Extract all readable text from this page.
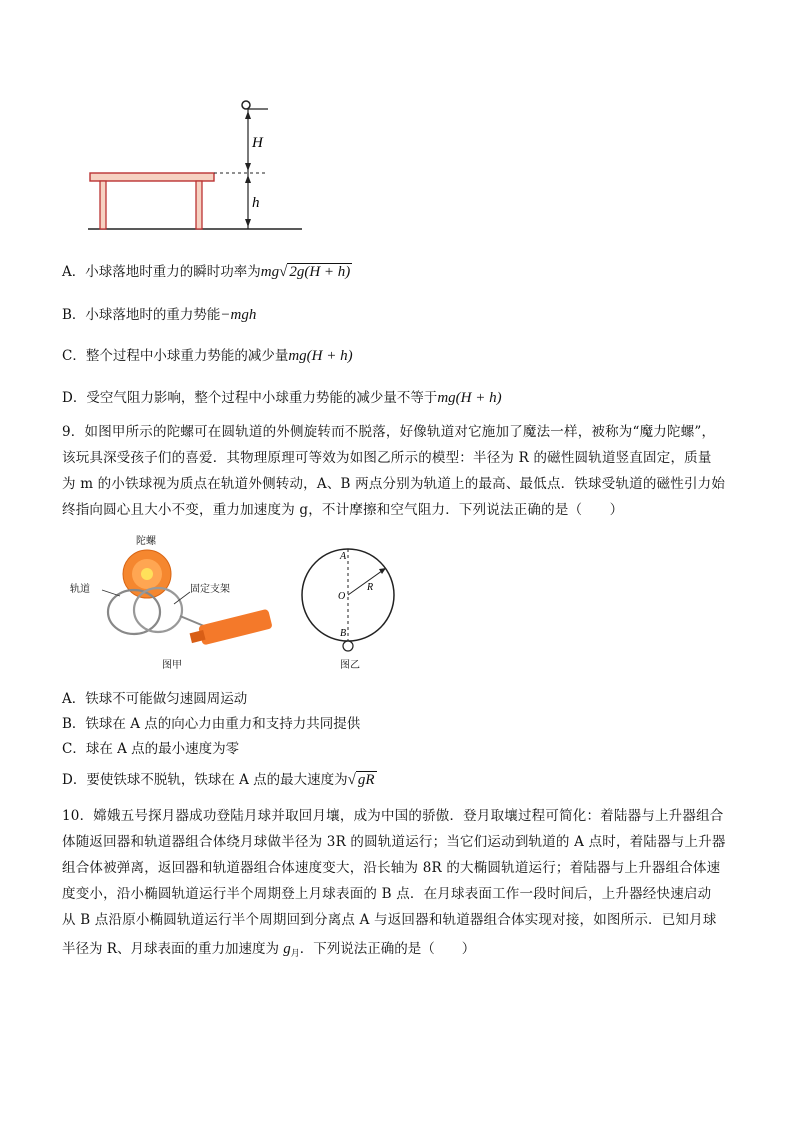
H
h
A．小球落地时重力的瞬时功率为mg√ 2g(H + h)
B．小球落地时的重力势能−mgh
C．整个过程中小球重力势能的减少量mg(H + h)
D．受空气阻力影响，整个过程中小球重力势能的减少量不等于mg(H + h)
9．如图甲所示的陀螺可在圆轨道的外侧旋转而不脱落，好像轨道对它施加了魔法一样，被称为“魔力陀螺”，
该玩具深受孩子们的喜爱．其物理原理可等效为如图乙所示的模型：半径为 R 的磁性圆轨道竖直固定，质量
为 m 的小铁球视为质点在轨道外侧转动，A、B 两点分别为轨道上的最高、最低点．铁球受轨道的磁性引力始
终指向圆心且大小不变，重力加速度为 g，不计摩擦和空气阻力．下列说法正确的是（　　）
陀螺
轨道	固定支架
图甲
A
O
R
B
图乙
A．铁球不可能做匀速圆周运动
B．铁球在 A 点的向心力由重力和支持力共同提供
C．球在 A 点的最小速度为零
D．要使铁球不脱轨，铁球在 A 点的最大速度为√ gR
10．嫦娥五号探月器成功登陆月球并取回月壤，成为中国的骄傲．登月取壤过程可简化：着陆器与上升器组合
体随返回器和轨道器组合体绕月球做半径为 3R 的圆轨道运行；当它们运动到轨道的 A 点时，着陆器与上升器
组合体被弹离，返回器和轨道器组合体速度变大，沿长轴为 8R 的大椭圆轨道运行；着陆器与上升器组合体速
度变小，沿小椭圆轨道运行半个周期登上月球表面的 B 点．在月球表面工作一段时间后，上升器经快速启动
从 B 点沿原小椭圆轨道运行半个周期回到分离点 A 与返回器和轨道器组合体实现对接，如图所示．已知月球
半径为 R、月球表面的重力加速度为 $g_月$．下列说法正确的是（　　）
